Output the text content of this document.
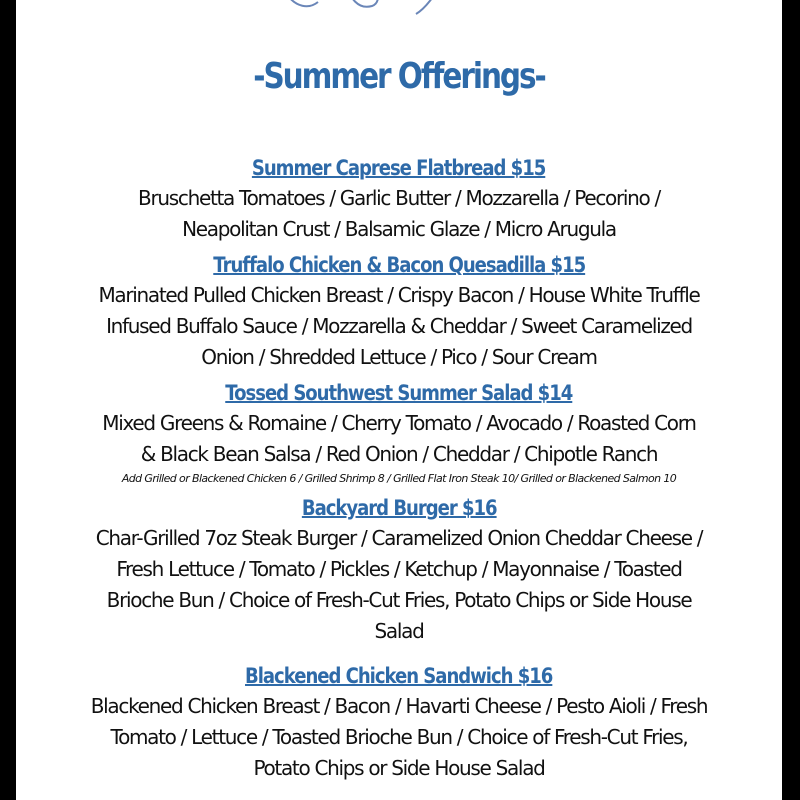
-Summer Offerings-
Summer Caprese Flatbread $15
Bruschetta Tomatoes / Garlic Butter / Mozzarella / Pecorino / Neapolitan Crust / Balsamic Glaze / Micro Arugula
Truffalo Chicken & Bacon Quesadilla $15
Marinated Pulled Chicken Breast / Crispy Bacon / House White Truffle Infused Buffalo Sauce / Mozzarella & Cheddar / Sweet Caramelized Onion / Shredded Lettuce / Pico / Sour Cream
Tossed Southwest Summer Salad $14
Mixed Greens & Romaine / Cherry Tomato / Avocado / Roasted Corn & Black Bean Salsa / Red Onion / Cheddar / Chipotle Ranch
Add Grilled or Blackened Chicken 6 / Grilled Shrimp 8 / Grilled Flat Iron Steak 10/ Grilled or Blackened Salmon 10
Backyard Burger $16
Char-Grilled 7oz Steak Burger / Caramelized Onion Cheddar Cheese / Fresh Lettuce / Tomato / Pickles / Ketchup / Mayonnaise / Toasted Brioche Bun / Choice of Fresh-Cut Fries, Potato Chips or Side House Salad
Blackened Chicken Sandwich $16
Blackened Chicken Breast / Bacon / Havarti Cheese / Pesto Aioli / Fresh Tomato / Lettuce / Toasted Brioche Bun / Choice of Fresh-Cut Fries, Potato Chips or Side House Salad
